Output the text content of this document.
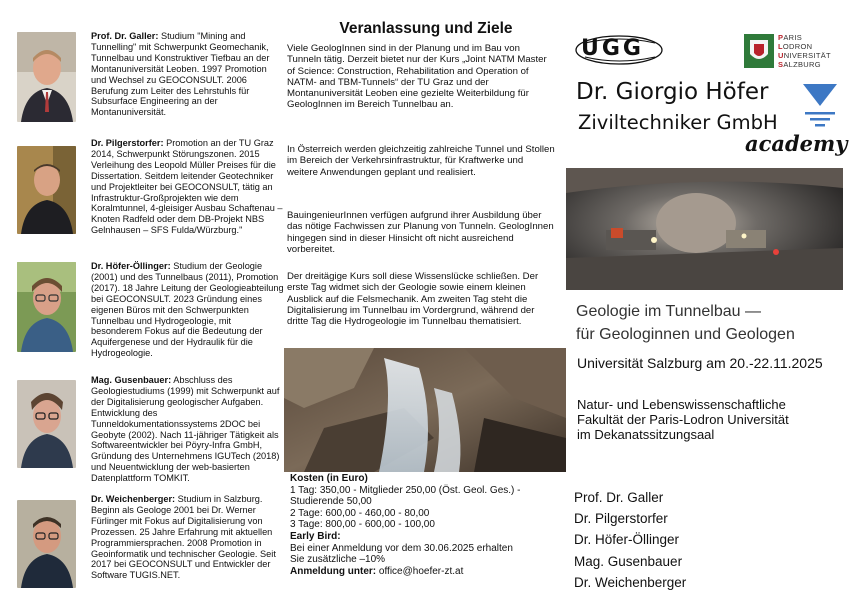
Prof. Dr. Galler: Studium "Mining and Tunnelling" mit Schwerpunkt Geomechanik, Tunnelbau und Konstruktiver Tiefbau an der Montanuniversität Leoben. 1997 Promotion und Wechsel zu GEOCONSULT. 2006 Berufung zum Leiter des Lehrstuhls für Subsurface Engineering an der Montanuniversität.
Dr. Pilgerstorfer: Promotion an der TU Graz 2014, Schwerpunkt Störungszonen. 2015 Verleihung des Leopold Müller Preises für die Dissertation. Seitdem leitender Geotechniker und Projektleiter bei GEOCONSULT, tätig an Infrastruktur-Großprojekten wie dem Koralmtunnel, 4-gleisiger Ausbau Schaftenau – Knoten Radfeld oder dem DB-Projekt NBS Gelnhausen – SFS Fulda/Würzburg."
Dr. Höfer-Öllinger: Studium der Geologie (2001) und des Tunnelbaus (2011), Promotion (2017). 18 Jahre Leitung der Geologieabteilung bei GEOCONSULT. 2023 Gründung eines eigenen Büros mit den Schwerpunkten Tunnelbau und Hydrogeologie, mit besonderem Fokus auf die Bedeutung der Aquifergenese und der Hydraulik für die Hydrogeologie.
Mag. Gusenbauer: Abschluss des Geologiestudiums (1999) mit Schwerpunkt auf der Digitalisierung geologischer Aufgaben. Entwicklung des Tunneldokumentationssystems 2DOC bei Geobyte (2002). Nach 11-jähriger Tätigkeit als Softwareentwickler bei Pöyry-Infra GmbH, Gründung des Unternehmens IGUTech (2018) und Neuentwicklung der web-basierten Datenplattform TOMKIT.
Dr. Weichenberger: Studium in Salzburg. Beginn als Geologe 2001 bei Dr. Werner Fürlinger mit Fokus auf Digitalisierung von Prozessen. 25 Jahre Erfahrung mit aktuellen Programmiersprachen. 2008 Promotion in Geoinformatik und technischer Geologie. Seit 2017 bei GEOCONSULT und Entwickler der Software TUGIS.NET.
Veranlassung und Ziele

Viele GeologInnen sind in der Planung und im Bau von Tunneln tätig. Derzeit bietet nur der Kurs „Joint NATM Master of Science: Construction, Rehabilitation and Operation of NATM- and TBM-Tunnels“ der TU Graz und der Montanuniversität Leoben eine gezielte Weiterbildung für GeologInnen im Bereich Tunnelbau an.

In Österreich werden gleichzeitig zahlreiche Tunnel und Stollen im Bereich der Verkehrsinfrastruktur, für Kraftwerke und weitere Anwendungen geplant und realisiert.

BauingenieurInnen verfügen aufgrund ihrer Ausbildung über das nötige Fachwissen zur Planung von Tunneln. GeologInnen hingegen sind in dieser Hinsicht oft nicht ausreichend vorbereitet.

Der dreitägige Kurs soll diese Wissenslücke schließen. Der erste Tag widmet sich der Geologie sowie einem kleinen Ausblick auf die Felsmechanik. Am zweiten Tag steht die Digitalisierung im Tunnelbau im Vordergrund, während der dritte Tag die Hydrogeologie im Tunnelbau thematisiert.

Kosten (in Euro)
1 Tag: 350,00 - Mitglieder 250,00 (Öst. Geol. Ges.) -
Studierende 50,00
2 Tage: 600,00 - 460,00 - 80,00
3 Tage: 800,00 - 600,00 - 100,00
Early Bird:
Bei einer Anmeldung vor dem 30.06.2025 erhalten
Sie zusätzliche –10%
Anmeldung unter: office@hoefer-zt.at
UGG	PARIS
LODRON
UNIVERSITÄT
SALZBURG
Dr. Giorgio Höfer
Ziviltechniker GmbH
academy
Geologie im Tunnelbau —
für Geologinnen und Geologen
Universität Salzburg am 20.-22.11.2025
Natur- und Lebenswissenschaftliche
Fakultät der Paris-Lodron Universität
im Dekanatssitzungsaal
Prof. Dr. Galler
Dr. Pilgerstorfer
Dr. Höfer-Öllinger
Mag. Gusenbauer
Dr. Weichenberger
